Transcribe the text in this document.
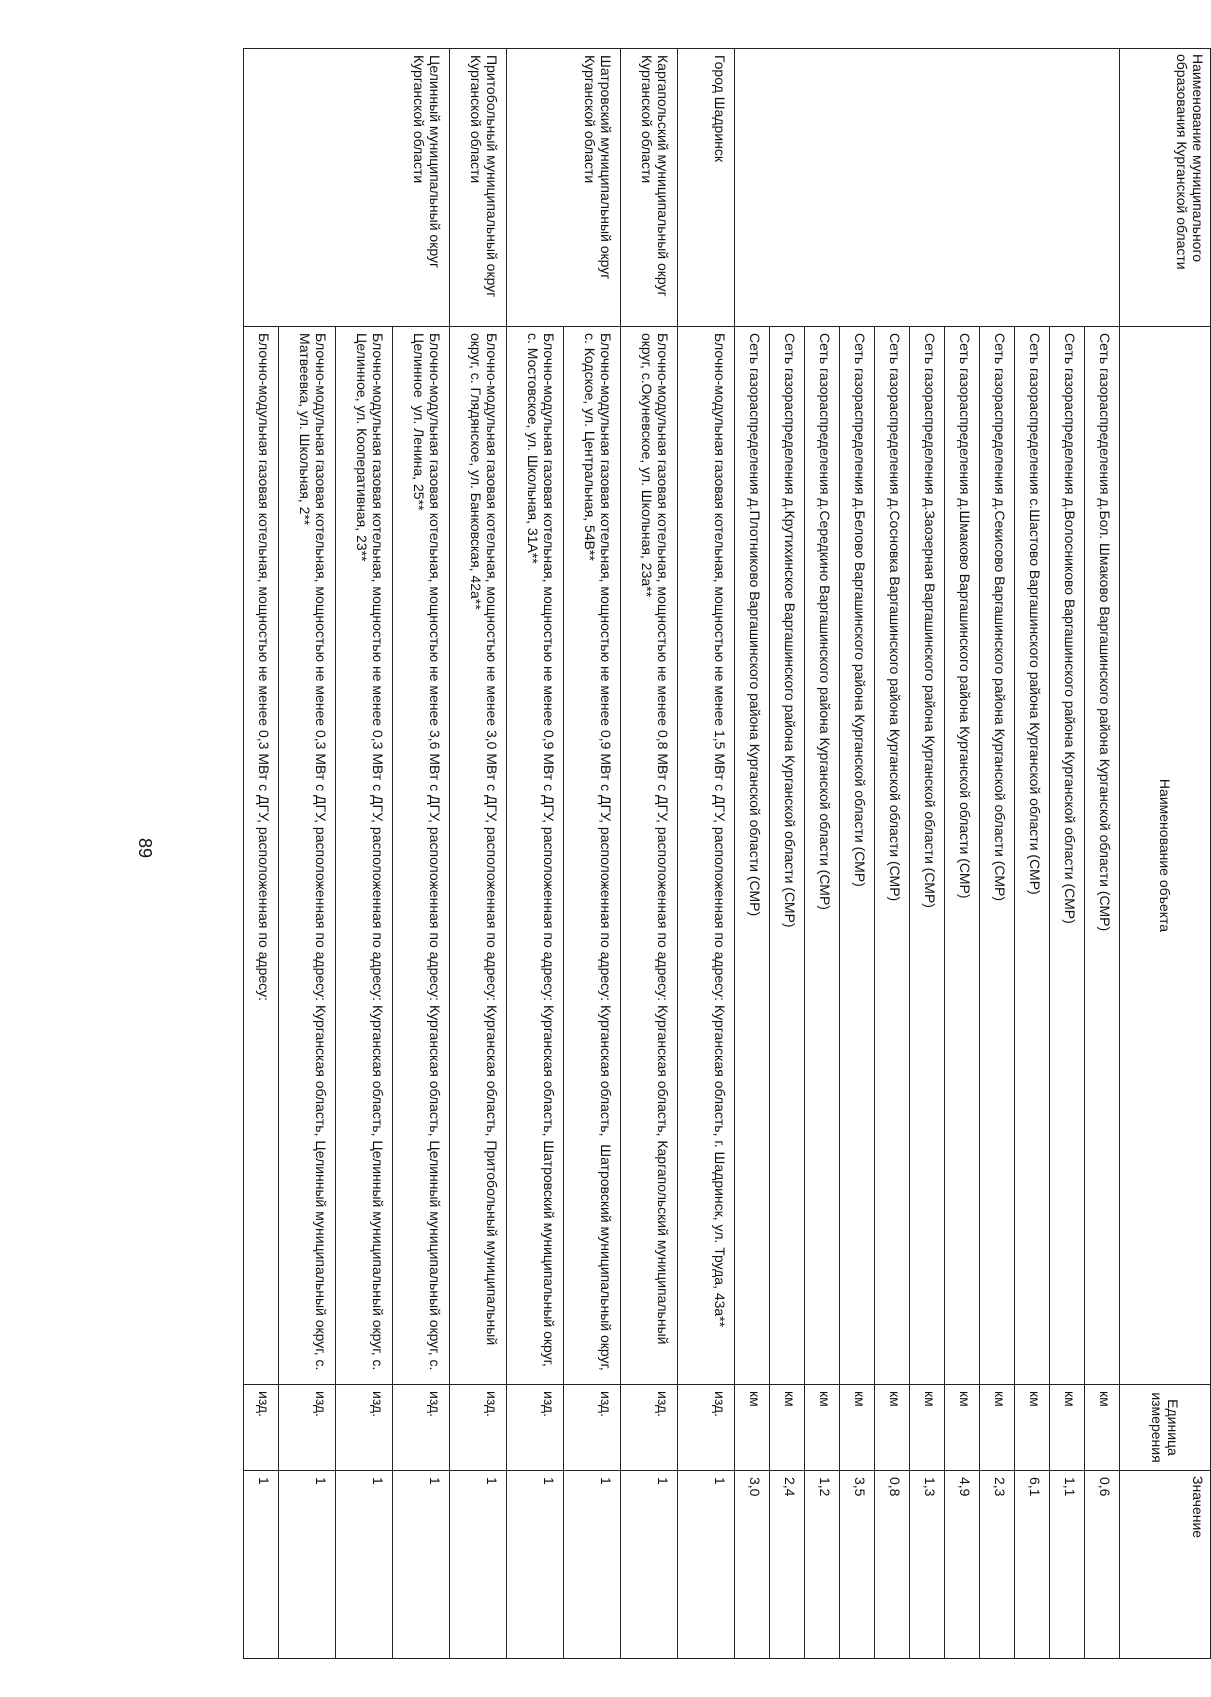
89
Наименование муниципального образования Курганской области	Наименование объекта	Единица измерения	Значение
	Сеть газораспределения д.Бол. Шмаково Варгашинского района Курганской области (СМР)	км	0,6
	Сеть газораспределения д.Волосниково Варгашинского района Курганской области (СМР)	км	1,1
	Сеть газораспределения с.Шастово Варгашинского района Курганской области (СМР)	км	6,1
	Сеть газораспределения д.Секисово Варгашинского района Курганской области (СМР)	км	2,3
	Сеть газораспределения д.Шмаково Варгашинского района Курганской области (СМР)	км	4,9
	Сеть газораспределения д.Заозерная Варгашинского района Курганской области (СМР)	км	1,3
	Сеть газораспределения д.Сосновка Варгашинского района Курганской области (СМР)	км	0,8
	Сеть газораспределения д.Белово Варгашинского района Курганской области (СМР)	км	3,5
	Сеть газораспределения д.Середкино Варгашинского района Курганской области (СМР)	км	1,2
	Сеть газораспределения д.Крутихинское Варгашинского района Курганской области (СМР)	км	2,4
	Сеть газораспределения д.Плотниково Варгашинского района Курганской области (СМР)	км	3,0
Город Шадринск	Блочно-модульная газовая котельная, мощностью не менее 1,5 МВт с ДГУ, расположенная по адресу: Курганская область, г. Шадринск, ул. Труда, 43а**	изд.	1
Каргапольский муниципальный округ Курганской области	Блочно-модульная газовая котельная, мощностью не менее 0,8 МВт с ДГУ, расположенная по адресу: Курганская область, Каргапольский муниципальный округ, с.Окуневское, ул. Школьная, 23а**	изд.	1
Шатровский муниципальный округ Курганской области	Блочно-модульная газовая котельная, мощностью не менее 0,9 МВт с ДГУ, расположенная по адресу: Курганская область,  Шатровский муниципальный округ, с. Кодское, ул. Центральная, 54В**	изд.	1
	Блочно-модульная газовая котельная, мощностью не менее 0,9 МВт с ДГУ, расположенная по адресу: Курганская область, Шатровский муниципальный округ, с. Мостовское, ул. Школьная, 31А**	изд.	1
Притобольный муниципальный округ Курганской области	Блочно-модульная газовая котельная, мощностью не менее 3,0 МВт с ДГУ, расположенная по адресу: Курганская область, Притобольный муниципальный округ, с. Глядянское, ул. Банковская, 42а**	изд.	1
Целинный муниципальный округ Курганской области	Блочно-модульная газовая котельная, мощностью не менее 3,6 МВт с ДГУ, расположенная по адресу: Курганская область, Целинный муниципальный округ, с. Целинное  ул. Ленина, 25**	изд.	1
	Блочно-модульная газовая котельная, мощностью не менее 0,3 МВт с ДГУ, расположенная по адресу: Курганская область, Целинный муниципальный округ, с. Целинное, ул. Кооперативная, 23**	изд.	1
	Блочно-модульная газовая котельная, мощностью не менее 0,3 МВт с ДГУ, расположенная по адресу: Курганская область, Целинный муниципальный округ, с. Матвеевка, ул. Школьная, 2**	изд.	1
	Блочно-модульная газовая котельная, мощностью не менее 0,3 МВт с ДГУ, расположенная по адресу:	изд.	1
